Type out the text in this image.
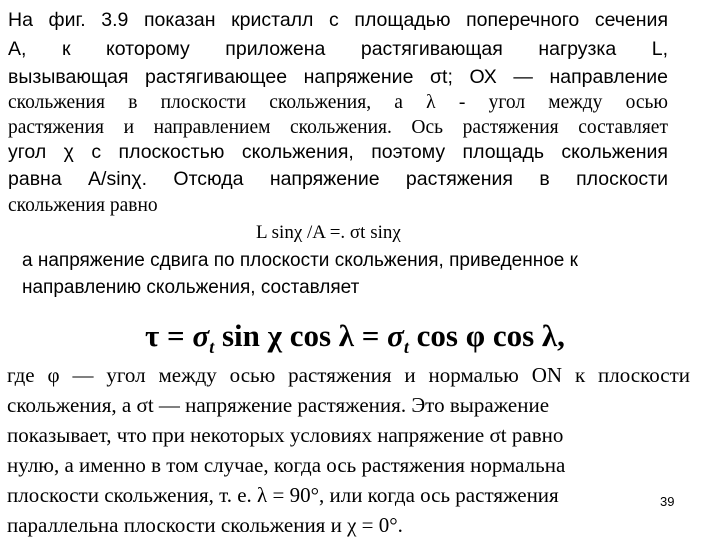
На фиг. 3.9 показан кристалл с площадью поперечного сечения
А, к которому приложена растягивающая нагрузка L,
вызывающая растягивающее напряжение σt; ОХ — направление
скольжения в плоскости скольжения, а λ - угол между осью
растяжения и направлением скольжения. Ось растяжения составляет
угол χ с плоскостью скольжения, поэтому площадь скольжения
равна A/sinχ. Отсюда напряжение растяжения в плоскости
скольжения равно
L sinχ /A =. σt sinχ
а напряжение сдвига по плоскости скольжения, приведенное к
направлению скольжения, составляет
$\tau = \sigma_t$ sin χ $\cos \lambda = \sigma_t$ cos φ cos λ,
где φ — угол между осью растяжения и нормалью ON к плоскости
скольжения, а σt — напряжение растяжения. Это выражение
показывает, что при некоторых условиях напряжение σt равно
нулю, а именно в том случае, когда ось растяжения нормальна
плоскости скольжения, т. е. λ = 90°, или когда ось растяжения
параллельна плоскости скольжения и χ = 0°.
39
